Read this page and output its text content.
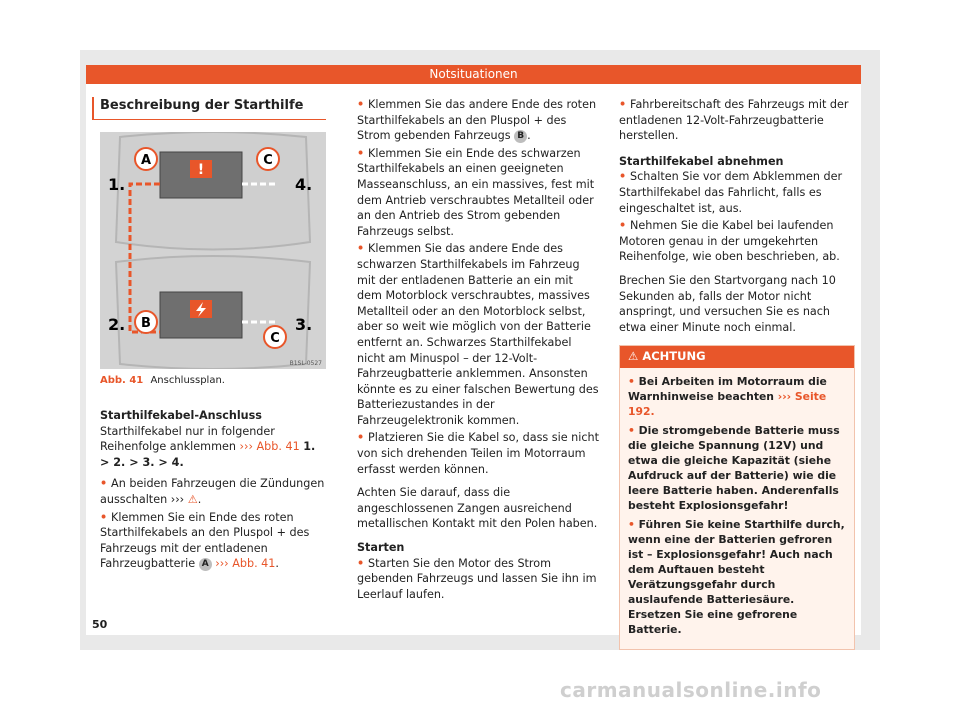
Notsituationen
Beschreibung der Starthilfe
!
A	C
B
C
1.
2.	3.
4.
B1SL-0527
Abb. 41 Anschlussplan.
Starthilfekabel-Anschluss

Starthilfekabel nur in folgender Reihenfolge anklemmen ››› Abb. 41 1. > 2. > 3. > 4.

• An beiden Fahrzeugen die Zündungen ausschalten ››› ⚠.
• Klemmen Sie ein Ende des roten Starthilfekabels an den Pluspol + des Fahrzeugs mit der entladenen Fahrzeugbatterie A ››› Abb. 41.
• Klemmen Sie das andere Ende des roten Starthilfekabels an den Pluspol + des Strom gebenden Fahrzeugs B .
• Klemmen Sie ein Ende des schwarzen Starthilfekabels an einen geeigneten Masseanschluss, an ein massives, fest mit dem Antrieb verschraubtes Metallteil oder an den Antrieb des Strom gebenden Fahrzeugs selbst.
• Klemmen Sie das andere Ende des schwarzen Starthilfekabels im Fahrzeug mit der entladenen Batterie an ein mit dem Motorblock verschraubtes, massives Metallteil oder an den Motorblock selbst, aber so weit wie möglich von der Batterie entfernt an. Schwarzes Starthilfekabel nicht am Minuspol – der 12-Volt-Fahrzeugbatterie anklemmen. Ansonsten könnte es zu einer falschen Bewertung des Batteriezustandes in der Fahrzeugelektronik kommen.
• Platzieren Sie die Kabel so, dass sie nicht von sich drehenden Teilen im Motorraum erfasst werden können.

Achten Sie darauf, dass die angeschlossenen Zangen ausreichend metallischen Kontakt mit den Polen haben.

Starten
• Starten Sie den Motor des Strom gebenden Fahrzeugs und lassen Sie ihn im Leerlauf laufen.
• Fahrbereitschaft des Fahrzeugs mit der entladenen 12-Volt-Fahrzeugbatterie herstellen.
Starthilfekabel abnehmen
• Schalten Sie vor dem Abklemmen der Starthilfekabel das Fahrlicht, falls es eingeschaltet ist, aus.
• Nehmen Sie die Kabel bei laufenden Motoren genau in der umgekehrten Reihenfolge, wie oben beschrieben, ab.

Brechen Sie den Startvorgang nach 10 Sekunden ab, falls der Motor nicht anspringt, und versuchen Sie es nach etwa einer Minute noch einmal.

⚠ ACHTUNG
• Bei Arbeiten im Motorraum die Warnhinweise beachten ››› Seite 192.
• Die stromgebende Batterie muss die gleiche Spannung (12V) und etwa die gleiche Kapazität (siehe Aufdruck auf der Batterie) wie die leere Batterie haben. Anderenfalls besteht Explosionsgefahr!
• Führen Sie keine Starthilfe durch, wenn eine der Batterien gefroren ist – Explosionsgefahr! Auch nach dem Auftauen besteht Verätzungsgefahr durch auslaufende Batteriesäure. Ersetzen Sie eine gefrorene Batterie.
50
carmanualsonline.info
